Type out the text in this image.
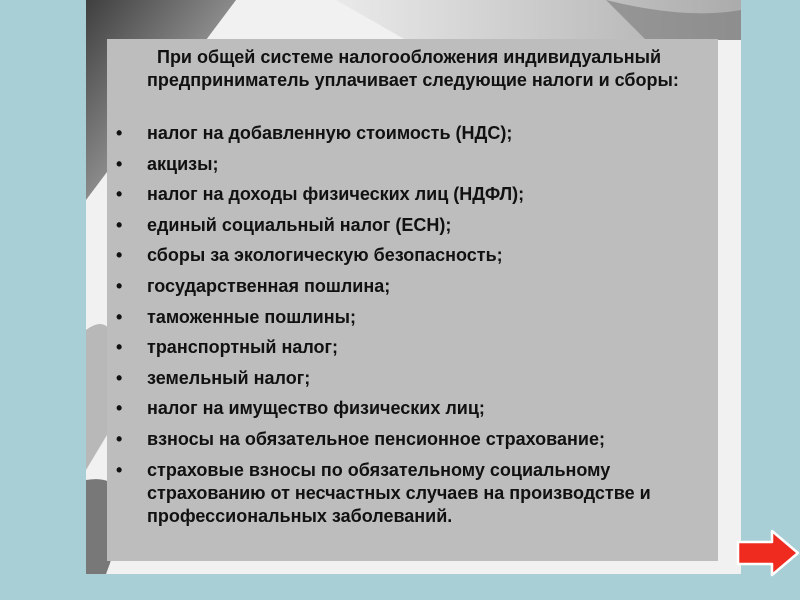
При общей системе налогообложения индивидуальный предприниматель уплачивает следующие налоги и сборы:

• налог на добавленную стоимость (НДС);
• акцизы;
• налог на доходы физических лиц (НДФЛ);
• единый социальный налог (ЕСН);
• сборы за экологическую безопасность;
• государственная пошлина;
• таможенные пошлины;
• транспортный налог;
• земельный налог;
• налог на имущество физических лиц;
• взносы на обязательное пенсионное страхование;
• страховые взносы по обязательному социальному страхованию от несчастных случаев на производстве и профессиональных заболеваний.
